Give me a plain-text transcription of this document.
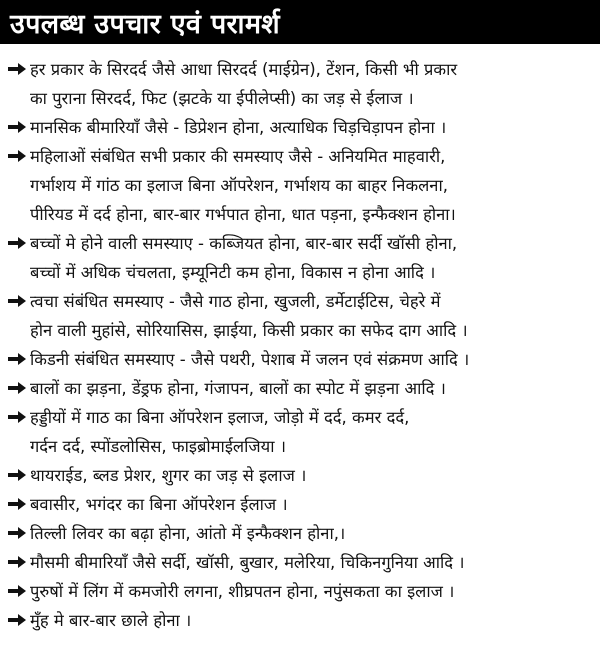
उपलब्ध उपचार एवं परामर्श
हर प्रकार के सिरदर्द जैसे आधा सिरदर्द (माईग्रेन), टेंशन, किसी भी प्रकार
का पुराना सिरदर्द, फिट (झटके या ईपीलेप्सी) का जड़ से ईलाज ।
मानसिक बीमारियाँ जैसे - डिप्रेशन होना, अत्याधिक चिड़चिड़ापन होना ।
महिलाओं संबंधित सभी प्रकार की समस्याए जैसे - अनियमित माहवारी,
गर्भाशय में गांठ का इलाज बिना ऑपरेशन, गर्भाशय का बाहर निकलना,
पीरियड में दर्द होना, बार-बार गर्भपात होना, धात पड़ना, इन्फैक्शन होना।
बच्चों मे होने वाली समस्याए - कब्जियत होना, बार-बार सर्दी खॉसी होना,
बच्चों में अधिक चंचलता, इम्यूनिटी कम होना, विकास न होना आदि ।
त्वचा संबंधित समस्याए - जैसे गाठ होना, खुजली, डर्मेटाईटिस, चेहरे में
होन वाली मुहांसे, सोरियासिस, झाईया, किसी प्रकार का सफेद दाग आदि ।
किडनी संबंधित समस्याए - जैसे पथरी, पेशाब में जलन एवं संक्रमण आदि ।
बालों का झड़ना, डेंड्रफ होना, गंजापन, बालों का स्पोट में झड़ना आदि ।
हड्डीयों में गाठ का बिना ऑपरेशन इलाज, जोड़ो में दर्द, कमर दर्द,
गर्दन दर्द, स्पोंडलोसिस, फाइब्रोमाईलजिया ।
थायराईड, ब्लड प्रेशर, शुगर का जड़ से इलाज ।
बवासीर, भगंदर का बिना ऑपरेशन ईलाज ।
तिल्ली लिवर का बढ़ा होना, आंतो में इन्फैक्शन होना,।
मौसमी बीमारियाँ जैसे सर्दी, खॉसी, बुखार, मलेरिया, चिकिनगुनिया आदि ।
पुरुषों में लिंग में कमजोरी लगना, शीघ्रपतन होना, नपुंसकता का इलाज ।
मुँह मे बार-बार छाले होना ।
